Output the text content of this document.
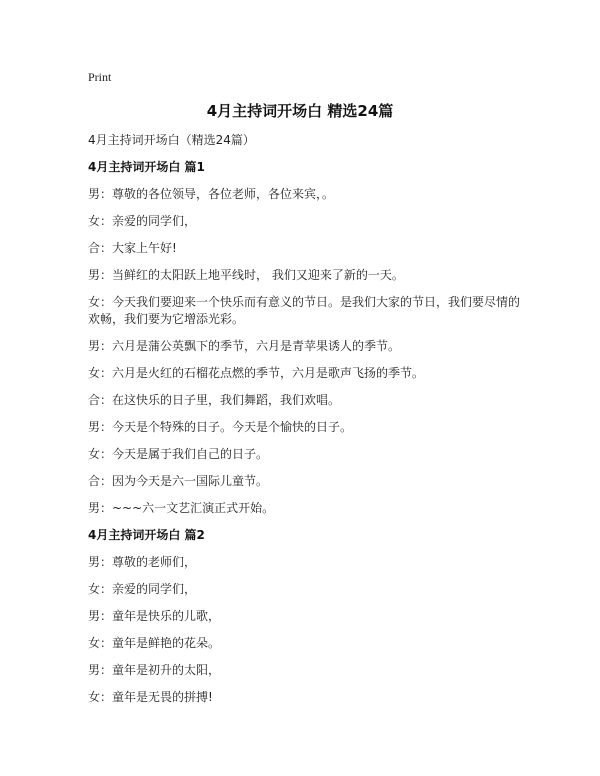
Print
4月主持词开场白 精选24篇

4月主持词开场白（精选24篇）

4月主持词开场白 篇1

男：尊敬的各位领导，各位老师，各位来宾，。

女：亲爱的同学们，

合：大家上午好!

男：当鲜红的太阳跃上地平线时， 我们又迎来了新的一天。

女：今天我们要迎来一个快乐而有意义的节日。是我们大家的节日，我们要尽情的欢畅，我们要为它增添光彩。

男：六月是蒲公英飘下的季节，六月是青苹果诱人的季节。

女：六月是火红的石榴花点燃的季节，六月是歌声飞扬的季节。

合：在这快乐的日子里，我们舞蹈，我们欢唱。

男：今天是个特殊的日子。今天是个愉快的日子。

女：今天是属于我们自己的日子。

合：因为今天是六一国际儿童节。

男：~~~六一文艺汇演正式开始。

4月主持词开场白 篇2

男：尊敬的老师们，

女：亲爱的同学们，

男：童年是快乐的儿歌，

女：童年是鲜艳的花朵。

男：童年是初升的太阳，

女：童年是无畏的拼搏!
